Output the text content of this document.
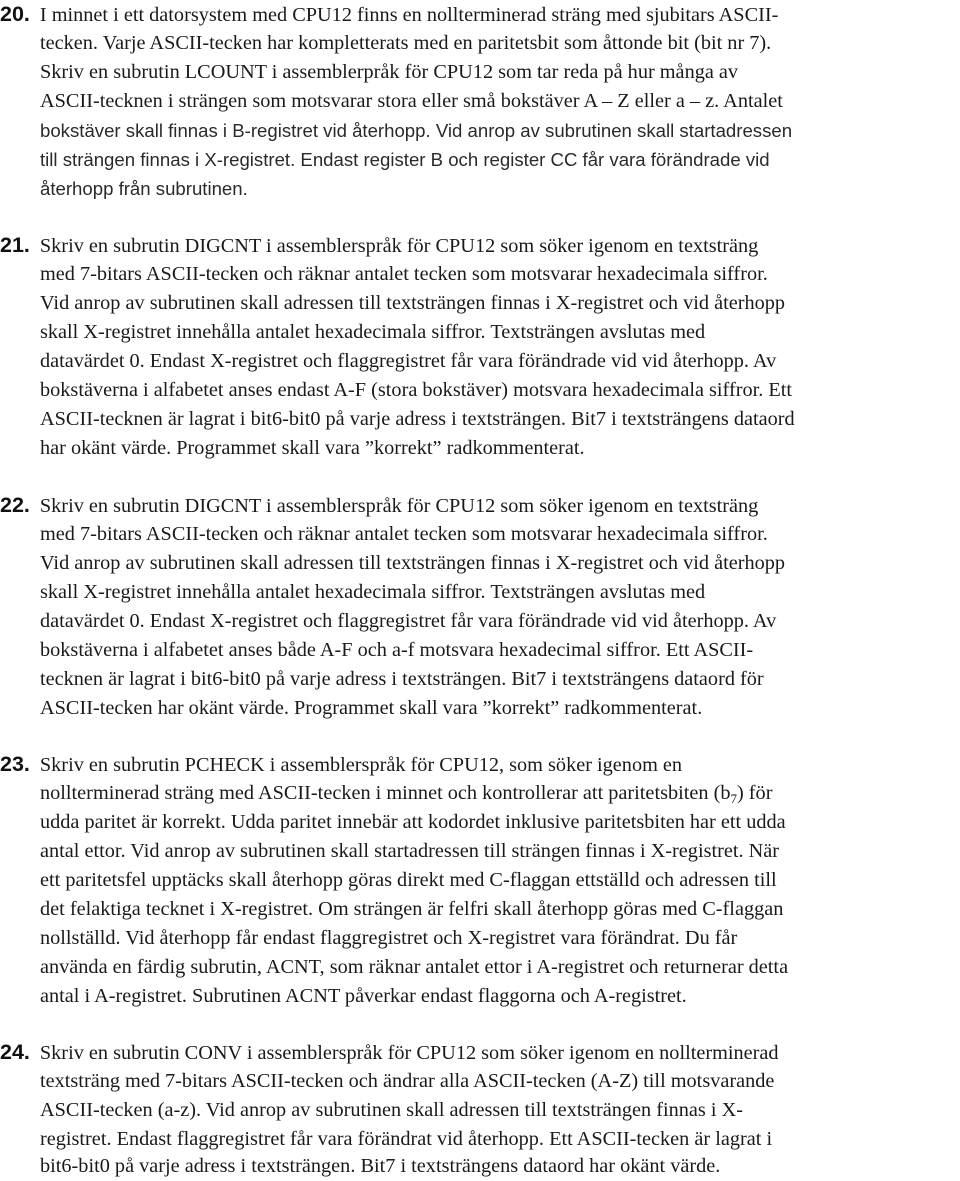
20. I minnet i ett datorsystem med CPU12 finns en nollterminerad sträng med sjubitars ASCII-
tecken. Varje ASCII-tecken har kompletterats med en paritetsbit som åttonde bit (bit nr 7).
Skriv en subrutin LCOUNT i assemblerpråk för CPU12 som tar reda på hur många av
ASCII-tecknen i strängen som motsvarar stora eller små bokstäver A – Z eller a – z. Antalet
bokstäver skall finnas i B-registret vid återhopp. Vid anrop av subrutinen skall startadressen
till strängen finnas i X-registret. Endast register B och register CC får vara förändrade vid
återhopp från subrutinen.
21. Skriv en subrutin DIGCNT i assemblerspråk för CPU12 som söker igenom en textsträng
med 7-bitars ASCII-tecken och räknar antalet tecken som motsvarar hexadecimala siffror.
Vid anrop av subrutinen skall adressen till textsträngen finnas i X-registret och vid återhopp
skall X-registret innehålla antalet hexadecimala siffror. Textsträngen avslutas med
datavärdet 0. Endast X-registret och flaggregistret får vara förändrade vid vid återhopp. Av
bokstäverna i alfabetet anses endast A-F (stora bokstäver) motsvara hexadecimala siffror. Ett
ASCII-tecknen är lagrat i bit6-bit0 på varje adress i textsträngen. Bit7 i textsträngens dataord
har okänt värde. Programmet skall vara ”korrekt” radkommenterat.
22. Skriv en subrutin DIGCNT i assemblerspråk för CPU12 som söker igenom en textsträng
med 7-bitars ASCII-tecken och räknar antalet tecken som motsvarar hexadecimala siffror.
Vid anrop av subrutinen skall adressen till textsträngen finnas i X-registret och vid återhopp
skall X-registret innehålla antalet hexadecimala siffror. Textsträngen avslutas med
datavärdet 0. Endast X-registret och flaggregistret får vara förändrade vid vid återhopp. Av
bokstäverna i alfabetet anses både A-F och a-f motsvara hexadecimal siffror. Ett ASCII-
tecknen är lagrat i bit6-bit0 på varje adress i textsträngen. Bit7 i textsträngens dataord för
ASCII-tecken har okänt värde. Programmet skall vara ”korrekt” radkommenterat.
23. Skriv en subrutin PCHECK i assemblerspråk för CPU12, som söker igenom en
nollterminerad sträng med ASCII-tecken i minnet och kontrollerar att paritetsbiten (b7) för
udda paritet är korrekt. Udda paritet innebär att kodordet inklusive paritetsbiten har ett udda
antal ettor. Vid anrop av subrutinen skall startadressen till strängen finnas i X-registret. När
ett paritetsfel upptäcks skall återhopp göras direkt med C-flaggan ettställd och adressen till
det felaktiga tecknet i X-registret. Om strängen är felfri skall återhopp göras med C-flaggan
nollställd. Vid återhopp får endast flaggregistret och X-registret vara förändrat. Du får
använda en färdig subrutin, ACNT, som räknar antalet ettor i A-registret och returnerar detta
antal i A-registret. Subrutinen ACNT påverkar endast flaggorna och A-registret.
24. Skriv en subrutin CONV i assemblerspråk för CPU12 som söker igenom en nollterminerad
textsträng med 7-bitars ASCII-tecken och ändrar alla ASCII-tecken (A-Z) till motsvarande
ASCII-tecken (a-z). Vid anrop av subrutinen skall adressen till textsträngen finnas i X-
registret. Endast flaggregistret får vara förändrat vid återhopp. Ett ASCII-tecken är lagrat i
bit6-bit0 på varje adress i textsträngen. Bit7 i textsträngens dataord har okänt värde.
